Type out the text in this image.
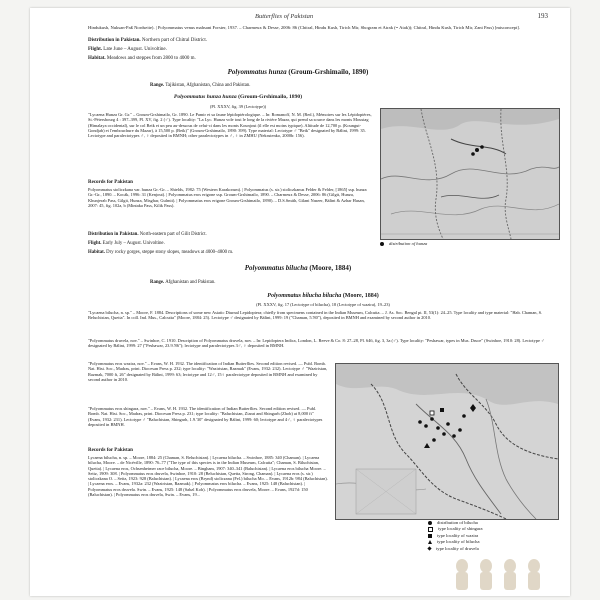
Butterflies of Pakistan	193
Hindukush, Nuksan-Paß Nordseite). | Polyommatus venus mahsani Forster, 1937. – Charmeux & Desse, 2006: 86 (Chitral, Hindu Kush, Tirich Mir, Shogram et Atrak (= Atak)); Chitral, Hindu Kush, Tirich Mir, Zani Pass) [misconcept].
Distribution in Pakistan. Northern part of Chitral District.
Flight. Late June – August. Univoltine.
Habitat. Meadows and steppes from 2800 to 4000 m.
Polyommatus hunza (Groum-Grshimailo, 1890)
Range. Tajikistan, Afghanistan, China and Pakistan.
Polyommatus hunza hunza (Groum-Grshimailo, 1890)
(Pl. XXXV, fig. 39 (Lectotype))
"Lycaena Hunza Gr. Gr." – Groum-Grshimailo, Gr. 1890. Le Pamir et sa faune lépidoptérologique. – In: Romanoff, N. M. (Red.), Mémoires sur les Lépidoptères, St.-Pétersbourg 4 : 397–399, Pl. XV, fig. 2 (♂). Type locality: "La Lyc. Hunza vole tout le long de la rivière Mazar, qui prend sa source dans les monts Moustag (Himalaya occidental), sur le col Beik et un peu au-dessous de celui-ci dans les monts Kounjout (il elle est moins typique). Altitude de 12,700 p. (Koungut-Gondjab) et l'embouchure du Mazar), à 15,500 p. (Beik)" (Groum-Grshimailo, 1890: 399). Type material: Lectotype ♂ "Beik" designated by Bálint, 1999: 35. Lectotype and paralectotypes ♂, ♀ deposited in BMNH; other paralectotypes in ♂, ♀ in ZMHU (Nekrutenko, 2000b: 156).
Records for Pakistan
Polyommatus stoliczkana var. hunza Gr.-Gr. – Shields, 1982: 75 (Western Karakorum). | Polyommatus (s. str.) stoliczkanus Felder & Felder, [1865] ssp. hunza Gr.-Gr., 1890. – Kocák, 1996: 31 (Kenjout). | Polyommatus eros erigone ssp. Groum-Grshimailo, 1890. – Charmeux & Desse, 2006: 86 (Gilgit, Hunza, Khunjerab Pass, Gilgit, Hunza, Misghar, Gulmit). | Polyommatus eros erigone Groum-Grshimailo, 1890). – D.S.Smith, Gilani Naseer, Bálint & Azhar Hasan, 2007: 45, fig. 102a, b (Mintaka Pass, Kilik Pass).
Distribution in Pakistan. North-eastern part of Gilit District.
Flight. Early July – August. Univoltine.
Habitat. Dry rocky gorges, steppe stony slopes, meadows at 4000–4800 m.
distribution of hunza
Polyommatus bilucha (Moore, 1884)
Range. Afghanistan and Pakistan.
Polyommatus bilucha bilucha (Moore, 1884)
(Pl. XXXV, fig. 17 (Lectotype of bilucha), 18 (Lectotype of wazira), 19–23)
"Lycaena bilucha, n. sp." – Moore, F. 1884. Descriptions of some new Asiatic Diurnal Lepidoptera; chiefly from specimens contained in the Indian Museum, Calcutta. – J. As. Soc. Bengal pt. II, 53(1): 24–25. Type locality and type material: "Hab. Chaman, S. Beluchistan, Quetta". In coll. Ind. Mus., Calcutta" (Moore, 1884: 25). Lectotype ♂ designated by Bálint, 1999: 19 ("Chaman, 5.'80"), deposited in BMNH and examined by second author in 2010.
"Polyommatus druvela, nov." – Swinhoe, C. 1910. Description of Polyommatus druvela, nov. – In: Lepidoptera Indica, London, L. Reeve & Co. 8: 27–28, Pl. 646, fig. 3, 3a (♂). Type locality: "Peshawar, types in Mus. Druce" (Swinhoe, 1910: 28). Lectotype ♂ designated by Bálint, 1999: 27 ("Peshawar, 23.9.'86"); lectotype and paralectotypes 3♂, ♀ deposited in BMNH.
"Polyommatus eros wazira, nov." – Evans, W. H. 1932. The identification of Indian Butterflies. Second edition revised. — Publ. Bomb. Nat. Hist. Soc., Madras, print. Diocesan Press p. 232; type locality: "Waziristan, Razmak" (Evans, 1932: 232). Lectotype ♂ "Waziristan, Razmak, 7000 ft, 26" designated by Bálint, 1999: 63; lectotype and 12♂, 15♀ paralectotype deposited in BMNH and examined by second author in 2010.
"Polyommatus eros shingara, nov." – Evans, W. H. 1932. The identification of Indian Butterflies. Second edition revised. — Publ. Bomb. Nat. Hist. Soc., Madras, print. Diocesan Press p. 231; type locality: "Baluchistan, Ziarat and Shingarh (Zhob) at 8,000 ft" (Evans, 1932: 231). Lectotype ♂ "Baluchistan, Shingarh, 1.9.'30" designated by Bálint, 1999: 60; lectotype and 4♂, ♀ paralectotypes deposited in BMNH.
Records for Pakistan
Lycaena bilucha, n. sp. – Moore, 1884: 25 (Chaman, S. Beluchistan). | Lycaena bilucha. – Swinhoe, 1885: 340 (Chaman). | Lycaena bilucha, Moore. – de Nicéville, 1890: 76–77 ("The type of this species is in the Indian Museum, Calcutta"; Chaman, S. Biluchistan, Quetta). | Lycaena eros, Ochsenheimer race bilucha, Moore. – Bingham, 1907: 340–341 (Baluchistan). | Lycaena eros bilucha Moore. – Seitz, 1909: 308. | Polyommatus eros druvela, Swinhoe, 1910: 28 (Beluchistan, Quetta, Strong, Chaman). | Lycaena eros (s. str.) stoliczkana O. – Seitz, 1923: 928 (Baluchistan). | Lycaena eros (Brynd) stoliczana (Fel.) bilucha Mo. – Evans, 1912b: 984 (Baluchistan). | Lycaena eros. – Evans, 1932a: 232 (Waziristan, Razmak). | Polyommatus eros bilucha. – Evans, 1925: 148 (Baluchistan). | Polyommatus eros druvela. Swin. – Evans, 1925: 148 (Sabzl Koh). | Polyommatus eros druvela, Moore. – Evans, 1927d: 150 (Baluchistan). | Polyommatus eros druvela, Swin. – Evans, 19...
distribution of bilucha
type locality of shingara
type locality of wazira
type locality of bilucha
type locality of druvela
